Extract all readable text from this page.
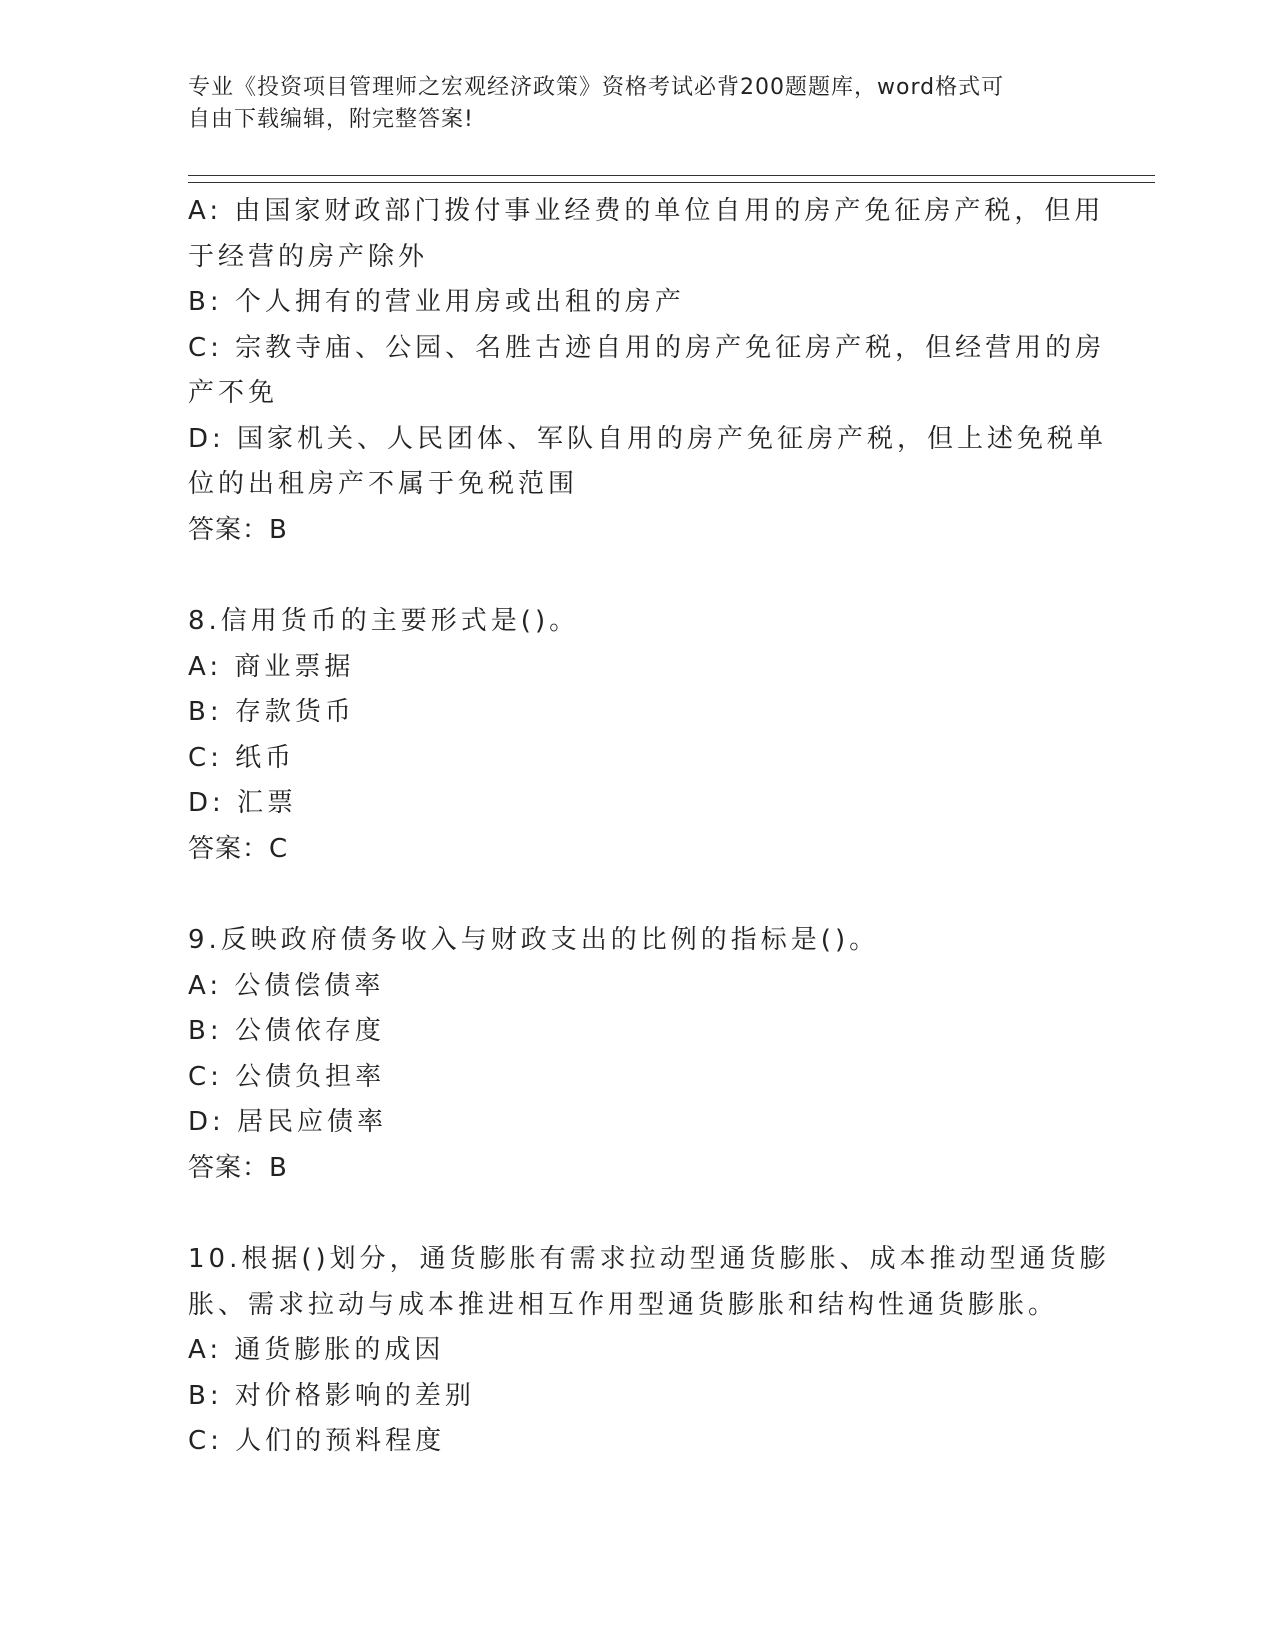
专业《投资项目管理师之宏观经济政策》资格考试必背200题题库，word格式可
自由下载编辑，附完整答案!
A: 由国家财政部门拨付事业经费的单位自用的房产免征房产税，但用
于经营的房产除外
B: 个人拥有的营业用房或出租的房产
C: 宗教寺庙、公园、名胜古迹自用的房产免征房产税，但经营用的房
产不免
D: 国家机关、人民团体、军队自用的房产免征房产税，但上述免税单
位的出租房产不属于免税范围
答案：B
8.信用货币的主要形式是()。
A: 商业票据
B: 存款货币
C: 纸币
D: 汇票
答案：C
9.反映政府债务收入与财政支出的比例的指标是()。
A: 公债偿债率
B: 公债依存度
C: 公债负担率
D: 居民应债率
答案：B
10.根据()划分，通货膨胀有需求拉动型通货膨胀、成本推动型通货膨
胀、需求拉动与成本推进相互作用型通货膨胀和结构性通货膨胀。
A: 通货膨胀的成因
B: 对价格影响的差别
C: 人们的预料程度
